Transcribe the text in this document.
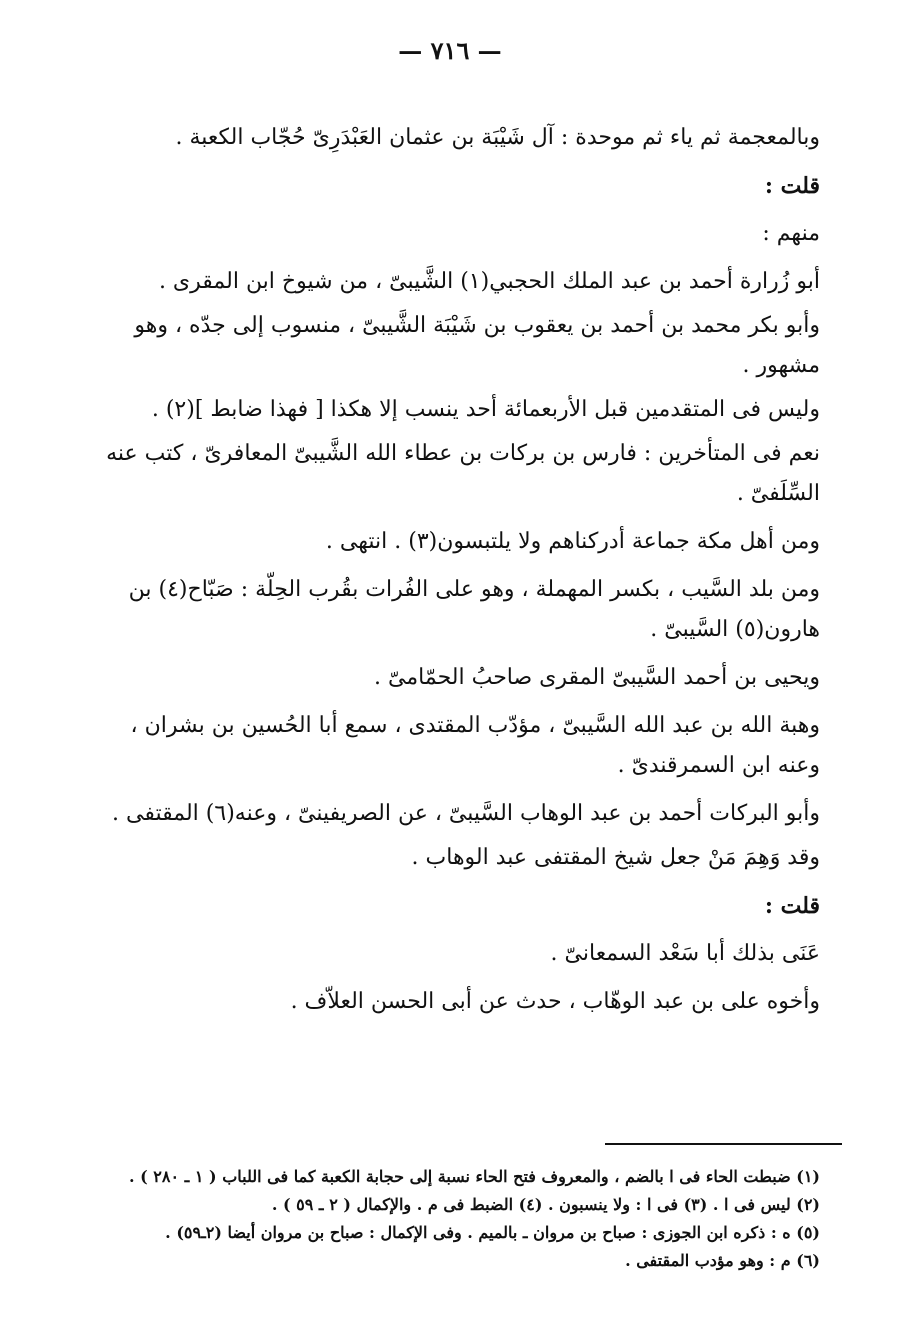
— ٧١٦ —

وبالمعجمة ثم ياء ثم موحدة : آل شَيْبَة بن عثمان العَبْدَرِىّ حُجّاب الكعبة .

قلت :

منهم :

أبو زُرارة أحمد بن عبد الملك الحجبي(١) الشَّيبىّ ، من شيوخ ابن المقرى .

وأبو بكر محمد بن أحمد بن يعقوب بن شَيْبَة الشَّيبىّ ، منسوب إلى جدّه ، وهو مشهور .

وليس فى المتقدمين قبل الأربعمائة أحد ينسب إلا هكذا [ فهذا ضابط ](٢) .

نعم فى المتأخرين : فارس بن بركات بن عطاء الله الشَّيبىّ المعافرىّ ، كتب عنه السِّلَفىّ .

ومن أهل مكة جماعة أدركناهم ولا يلتبسون(٣) . انتهى .

ومن بلد السَّيب ، بكسر المهملة ، وهو على الفُرات بقُرب الحِلّة : صَبّاح(٤) بن هارون(٥) السَّيبىّ .

ويحيى بن أحمد السَّيبىّ المقرى صاحبُ الحمّامىّ .

وهبة الله بن عبد الله السَّيبىّ ، مؤدّب المقتدى ، سمع أبا الحُسين بن بشران ، وعنه ابن السمرقندىّ .

وأبو البركات أحمد بن عبد الوهاب السَّيبىّ ، عن الصريفينىّ ، وعنه(٦) المقتفى .

وقد وَهِمَ مَنْ جعل شيخ المقتفى عبد الوهاب .

قلت :

عَنَى بذلك أبا سَعْد السمعانىّ .

وأخوه على بن عبد الوهّاب ، حدث عن أبى الحسن العلاّف .

(١) ضبطت الحاء فى ا بالضم ، والمعروف فتح الحاء نسبة إلى حجابة الكعبة كما فى اللباب ( ١ ـ ٢٨٠ ) .

(٢) ليس فى ا . (٣) فى ا : ولا ينسبون . (٤) الضبط فى م . والإكمال ( ٢ ـ ٥٩ ) .

(٥) ه : ذكره ابن الجوزى : صباح بن مروان ـ بالميم . وفى الإكمال : صباح بن مروان أيضا (٢ـ٥٩) .

(٦) م : وهو مؤدب المقتفى .
